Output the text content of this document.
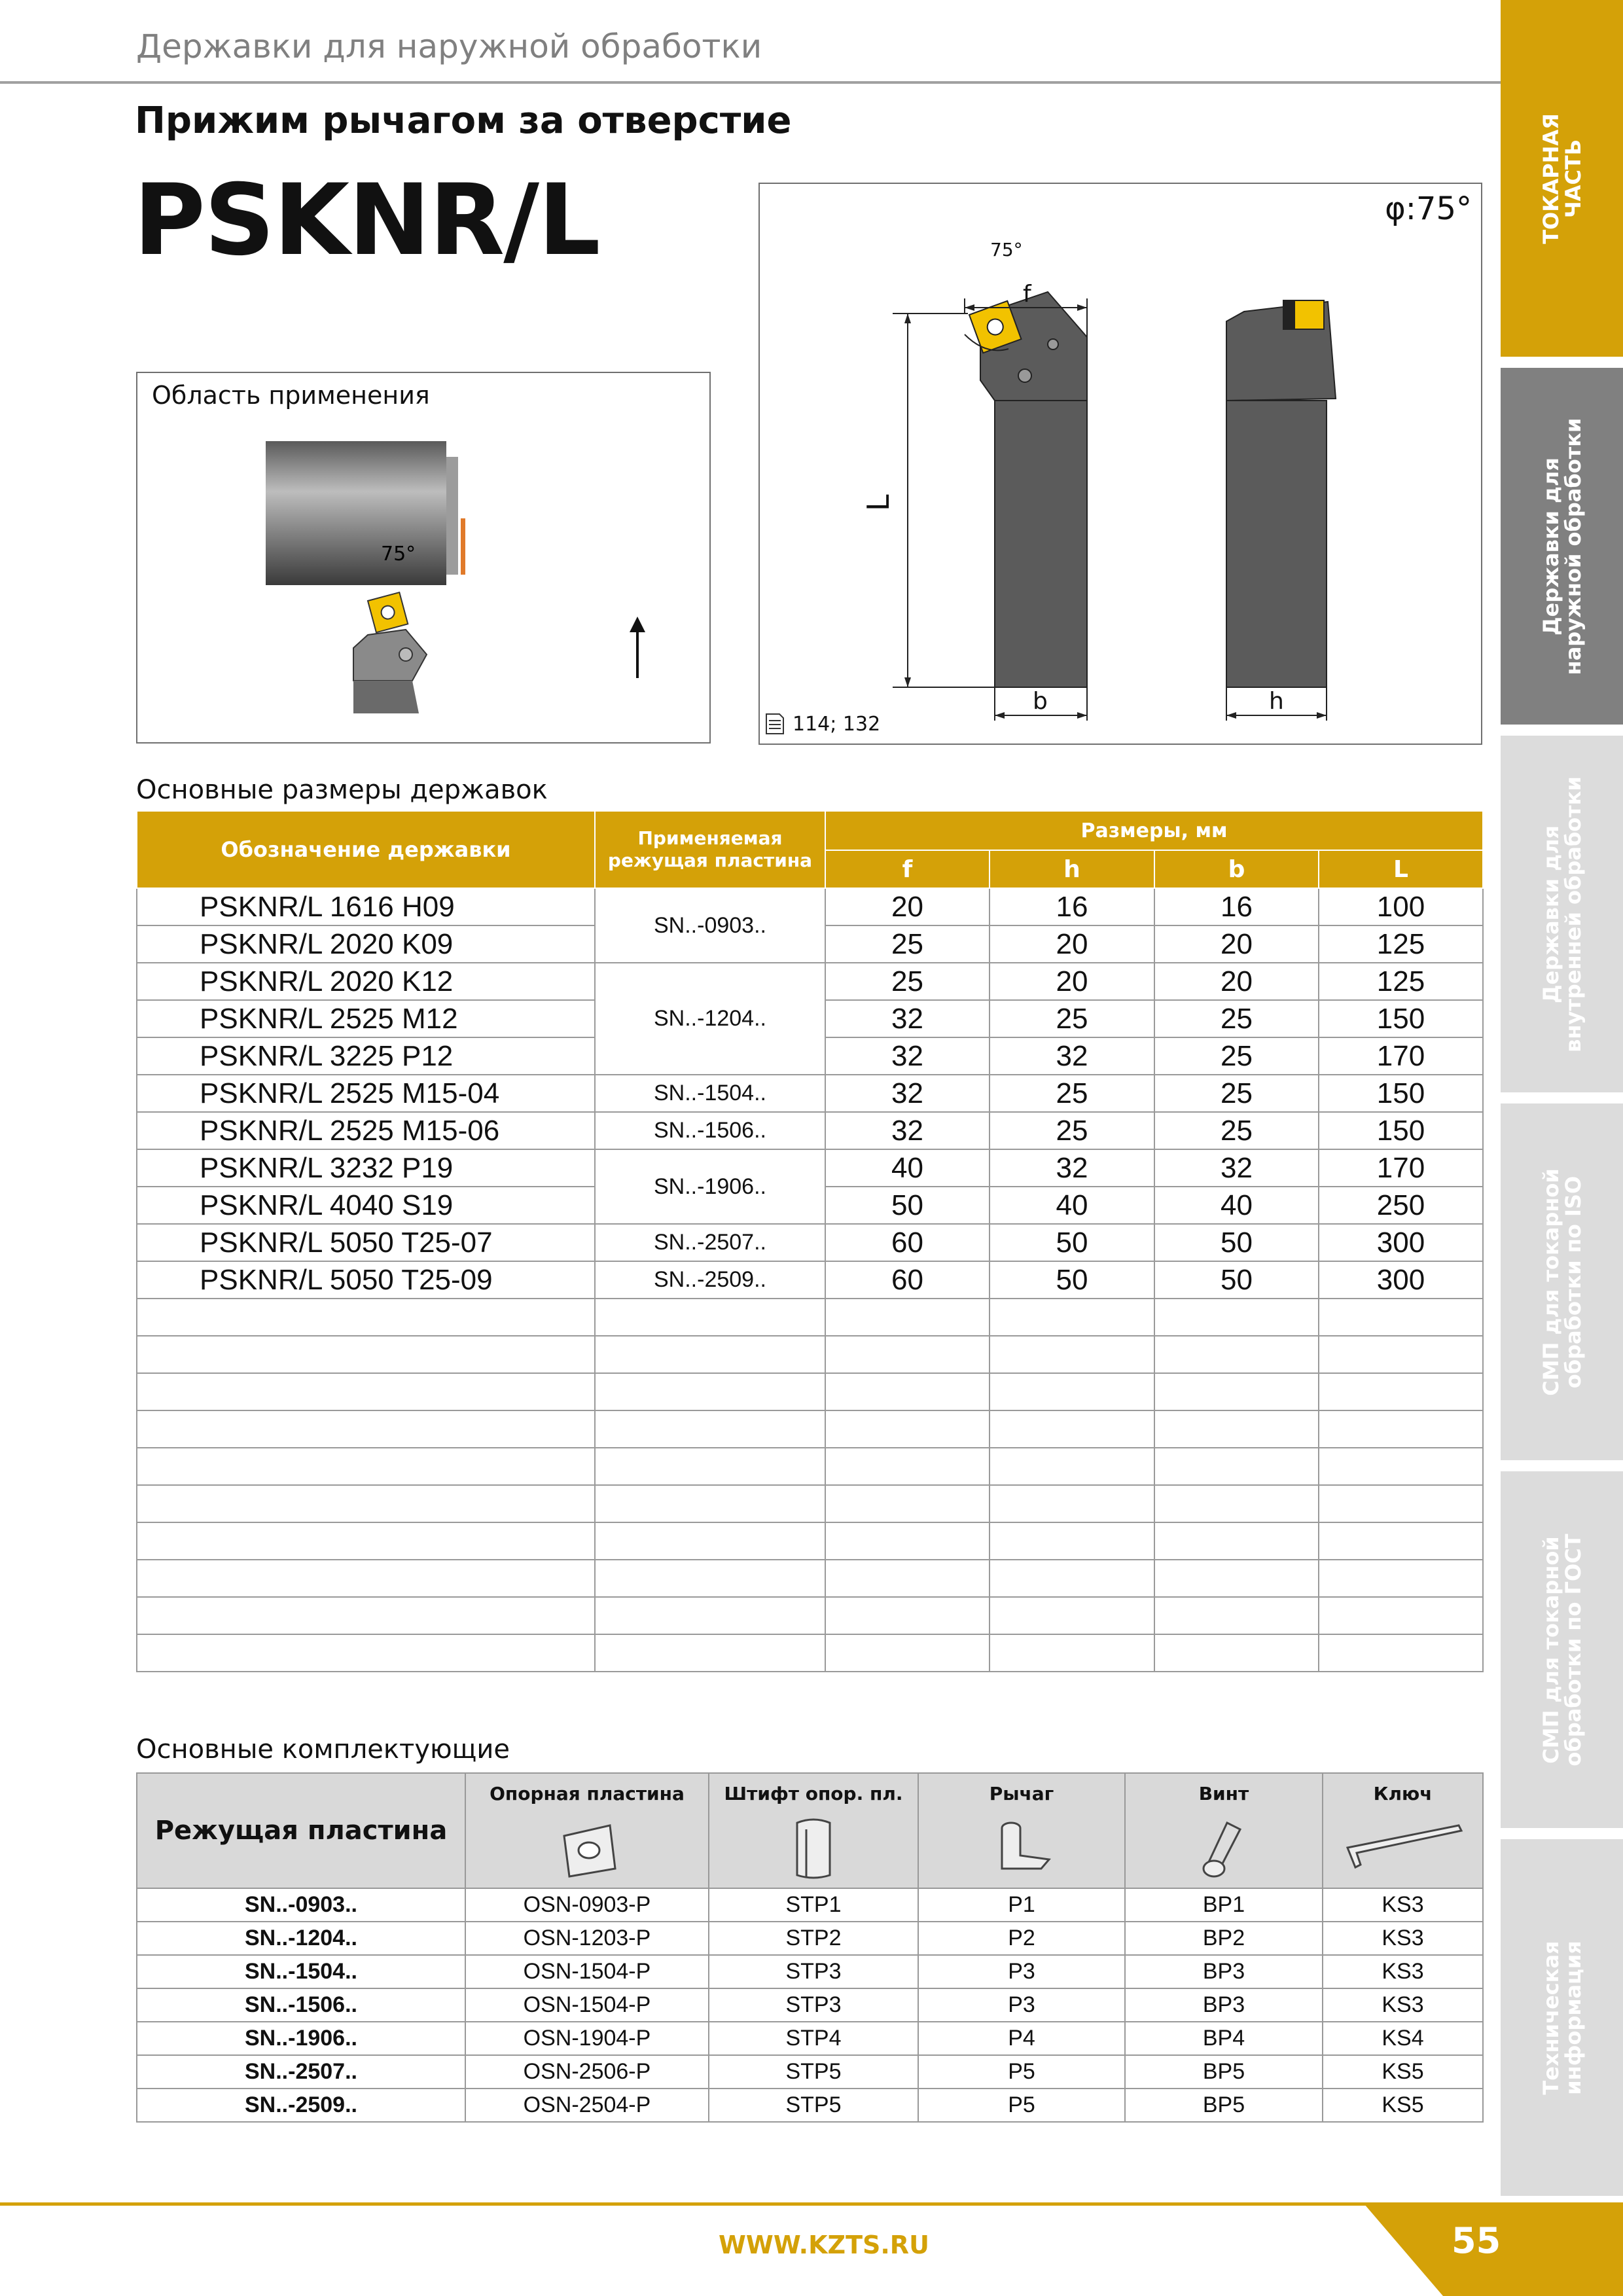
Державки для наружной обработки
Прижим рычагом за отверстие
PSKNR/L
Область применения
75°
φ:75°
f
75°
L
b	h
114; 132
Основные размеры державок
Обозначение державки	Применяемая режущая пластина	Размеры, мм			
		f	h	b	L
PSKNR/L 1616 H09	SN..-0903..	20	16	16	100
PSKNR/L 2020 K09		25	20	20	125
PSKNR/L 2020 K12	SN..-1204..	25	20	20	125
PSKNR/L 2525 M12		32	25	25	150
PSKNR/L 3225 P12		32	32	25	170
PSKNR/L 2525 M15-04	SN..-1504..	32	25	25	150
PSKNR/L 2525 M15-06	SN..-1506..	32	25	25	150
PSKNR/L 3232 P19	SN..-1906..	40	32	32	170
PSKNR/L 4040 S19		50	40	40	250
PSKNR/L 5050 T25-07	SN..-2507..	60	50	50	300
PSKNR/L 5050 T25-09	SN..-2509..	60	50	50	300

Основные комплектующие
Режущая пластина	Опорная пластина	Штифт опор. пл.	Рычаг	Винт	Ключ

SN..-0903..	OSN-0903-P	STP1	P1	BP1	KS3
SN..-1204..	OSN-1203-P	STP2	P2	BP2	KS3
SN..-1504..	OSN-1504-P	STP3	P3	BP3	KS3
SN..-1506..	OSN-1504-P	STP3	P3	BP3	KS3
SN..-1906..	OSN-1904-P	STP4	P4	BP4	KS4
SN..-2507..	OSN-2506-P	STP5	P5	BP5	KS5
SN..-2509..	OSN-2504-P	STP5	P5	BP5	KS5
ТОКАРНАЯ
ЧАСТЬ
Державки для
наружной обработки
Державки для
внутренней обработки
СМП для токарной
обработки по ISO
СМП для токарной
обработки по ГОСТ
Техническая
информация
WWW.KZTS.RU	55
